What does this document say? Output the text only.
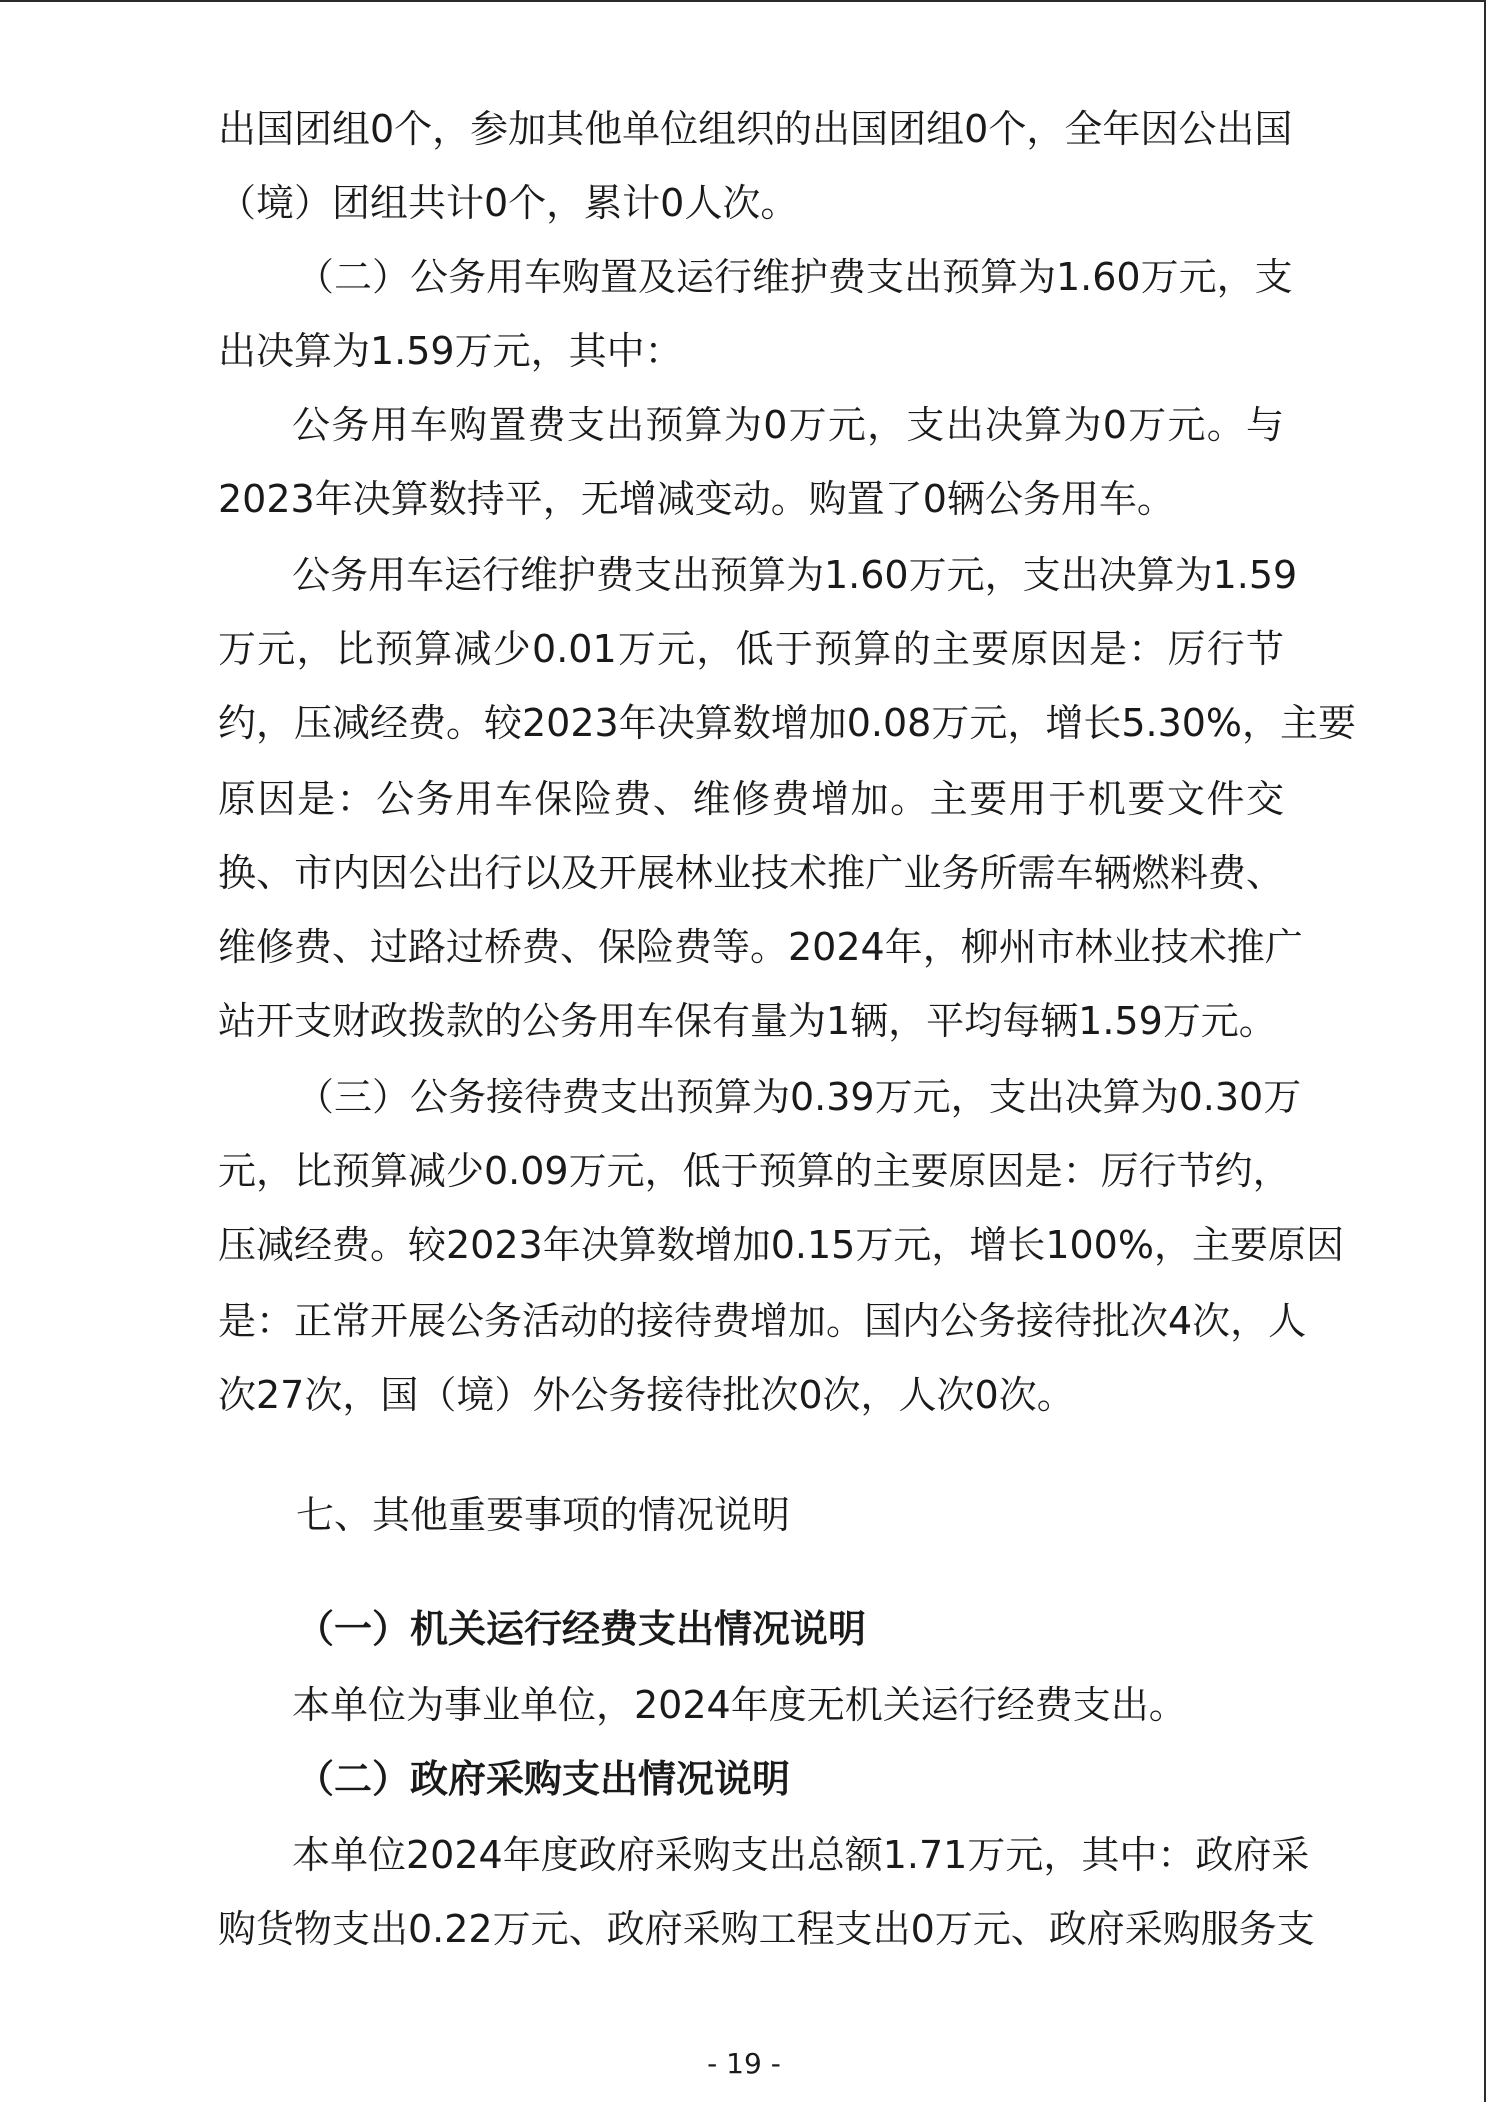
出国团组0个，参加其他单位组织的出国团组0个，全年因公出国
（境）团组共计0个，累计0人次。
（二）公务用车购置及运行维护费支出预算为1.60万元，支
出决算为1.59万元，其中：
公务用车购置费支出预算为0万元，支出决算为0万元。与
2023年决算数持平，无增减变动。购置了0辆公务用车。
公务用车运行维护费支出预算为1.60万元，支出决算为1.59
万元，比预算减少0.01万元，低于预算的主要原因是：厉行节
约，压减经费。较2023年决算数增加0.08万元，增长5.30%，主要
原因是：公务用车保险费、维修费增加。主要用于机要文件交
换、市内因公出行以及开展林业技术推广业务所需车辆燃料费、
维修费、过路过桥费、保险费等。2024年，柳州市林业技术推广
站开支财政拨款的公务用车保有量为1辆，平均每辆1.59万元。
（三）公务接待费支出预算为0.39万元，支出决算为0.30万
元，比预算减少0.09万元，低于预算的主要原因是：厉行节约，
压减经费。较2023年决算数增加0.15万元，增长100%，主要原因
是：正常开展公务活动的接待费增加。国内公务接待批次4次，人
次27次，国（境）外公务接待批次0次，人次0次。
七、其他重要事项的情况说明
（一）机关运行经费支出情况说明
本单位为事业单位，2024年度无机关运行经费支出。
（二）政府采购支出情况说明
本单位2024年度政府采购支出总额1.71万元，其中：政府采
购货物支出0.22万元、政府采购工程支出0万元、政府采购服务支
- 19 -
